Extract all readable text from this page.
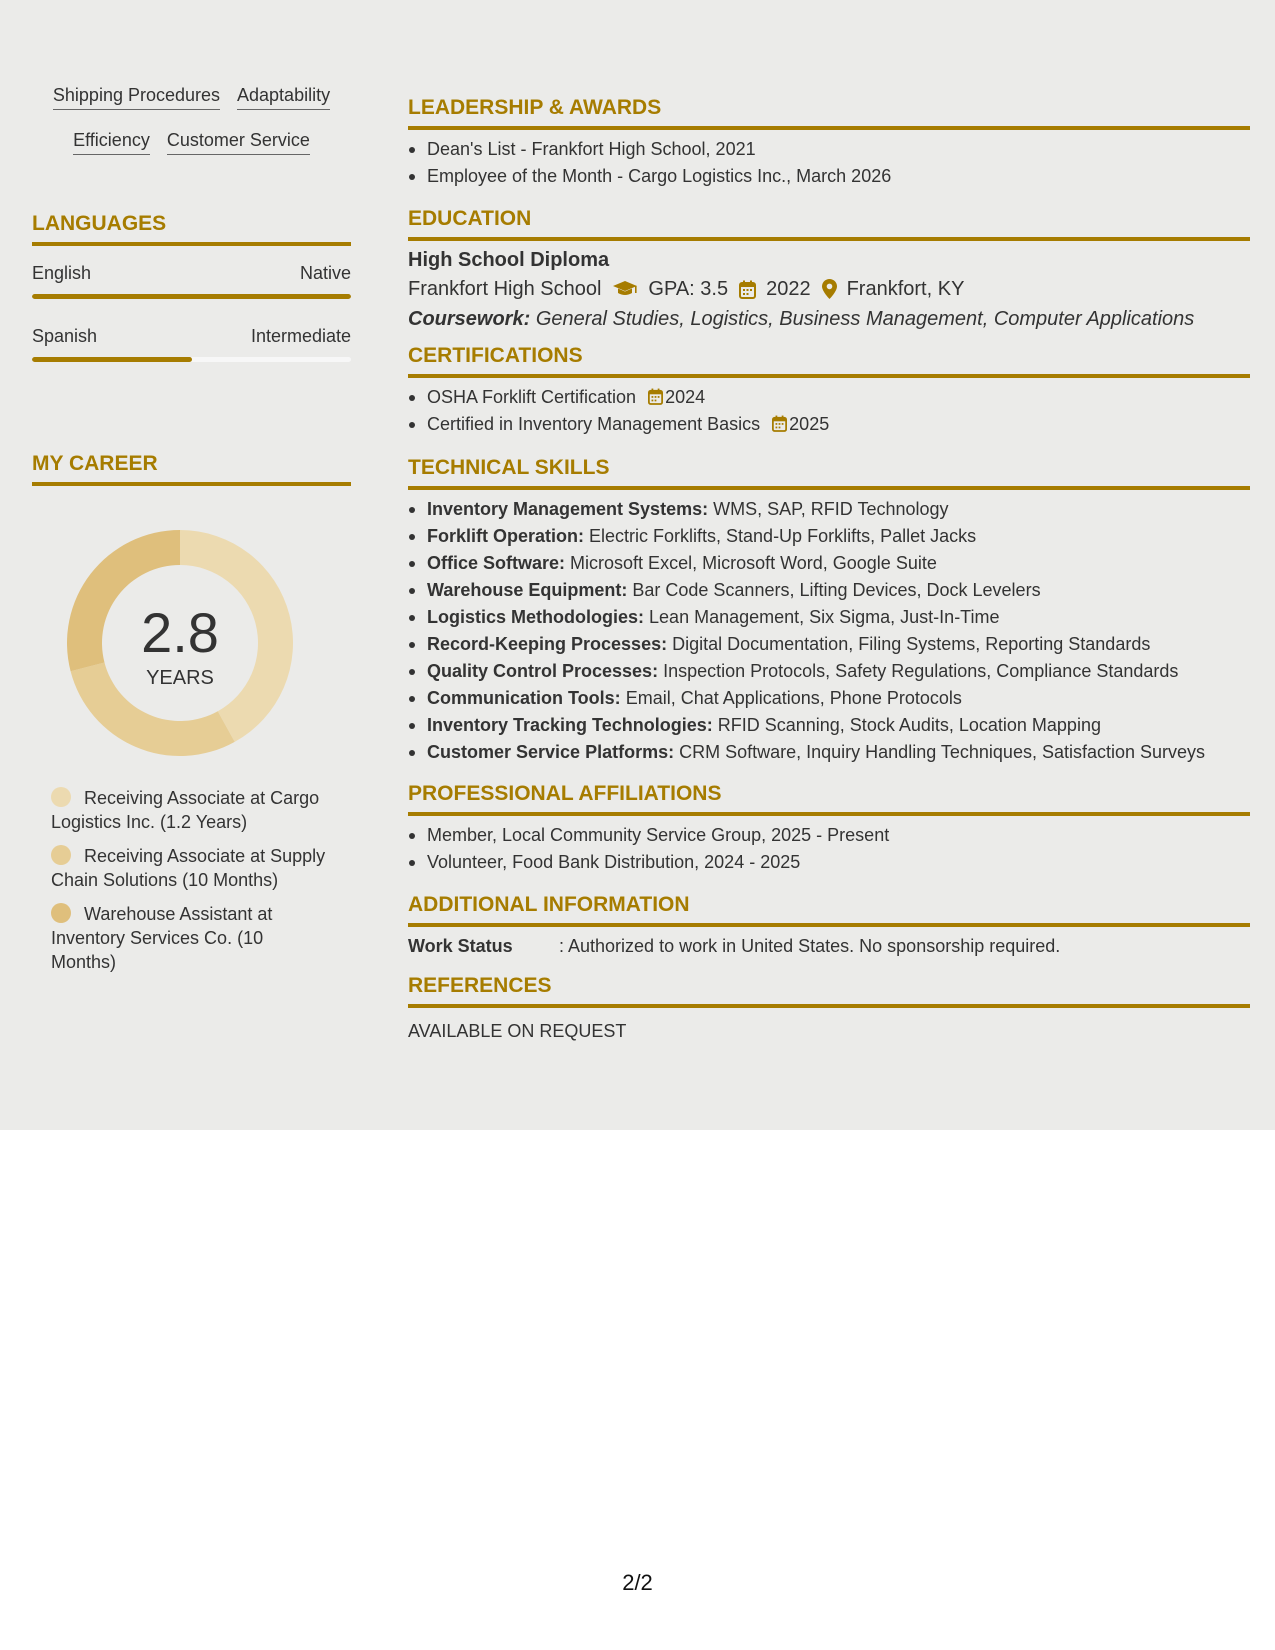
Shipping Procedures Adaptability
Efficiency Customer Service
LANGUAGES
English	Native
Spanish	Intermediate
MY CAREER
2.8
YEARS
Receiving Associate at Cargo Logistics Inc. (1.2 Years)
Receiving Associate at Supply Chain Solutions (10 Months)
Warehouse Assistant at Inventory Services Co. (10 Months)
LEADERSHIP & AWARDS
Dean's List - Frankfort High School, 2021
Employee of the Month - Cargo Logistics Inc., March 2026
EDUCATION
High School Diploma
Frankfort High School GPA: 3.5 2022 Frankfort, KY
Coursework: General Studies, Logistics, Business Management, Computer Applications
CERTIFICATIONS
OSHA Forklift Certification 2024
Certified in Inventory Management Basics 2025
TECHNICAL SKILLS
Inventory Management Systems: WMS, SAP, RFID Technology
Forklift Operation: Electric Forklifts, Stand-Up Forklifts, Pallet Jacks
Office Software: Microsoft Excel, Microsoft Word, Google Suite
Warehouse Equipment: Bar Code Scanners, Lifting Devices, Dock Levelers
Logistics Methodologies: Lean Management, Six Sigma, Just-In-Time
Record-Keeping Processes: Digital Documentation, Filing Systems, Reporting Standards
Quality Control Processes: Inspection Protocols, Safety Regulations, Compliance Standards
Communication Tools: Email, Chat Applications, Phone Protocols
Inventory Tracking Technologies: RFID Scanning, Stock Audits, Location Mapping
Customer Service Platforms: CRM Software, Inquiry Handling Techniques, Satisfaction Surveys
PROFESSIONAL AFFILIATIONS
Member, Local Community Service Group, 2025 - Present
Volunteer, Food Bank Distribution, 2024 - 2025
ADDITIONAL INFORMATION
Work Status	: Authorized to work in United States. No sponsorship required.
REFERENCES
AVAILABLE ON REQUEST
2/2
